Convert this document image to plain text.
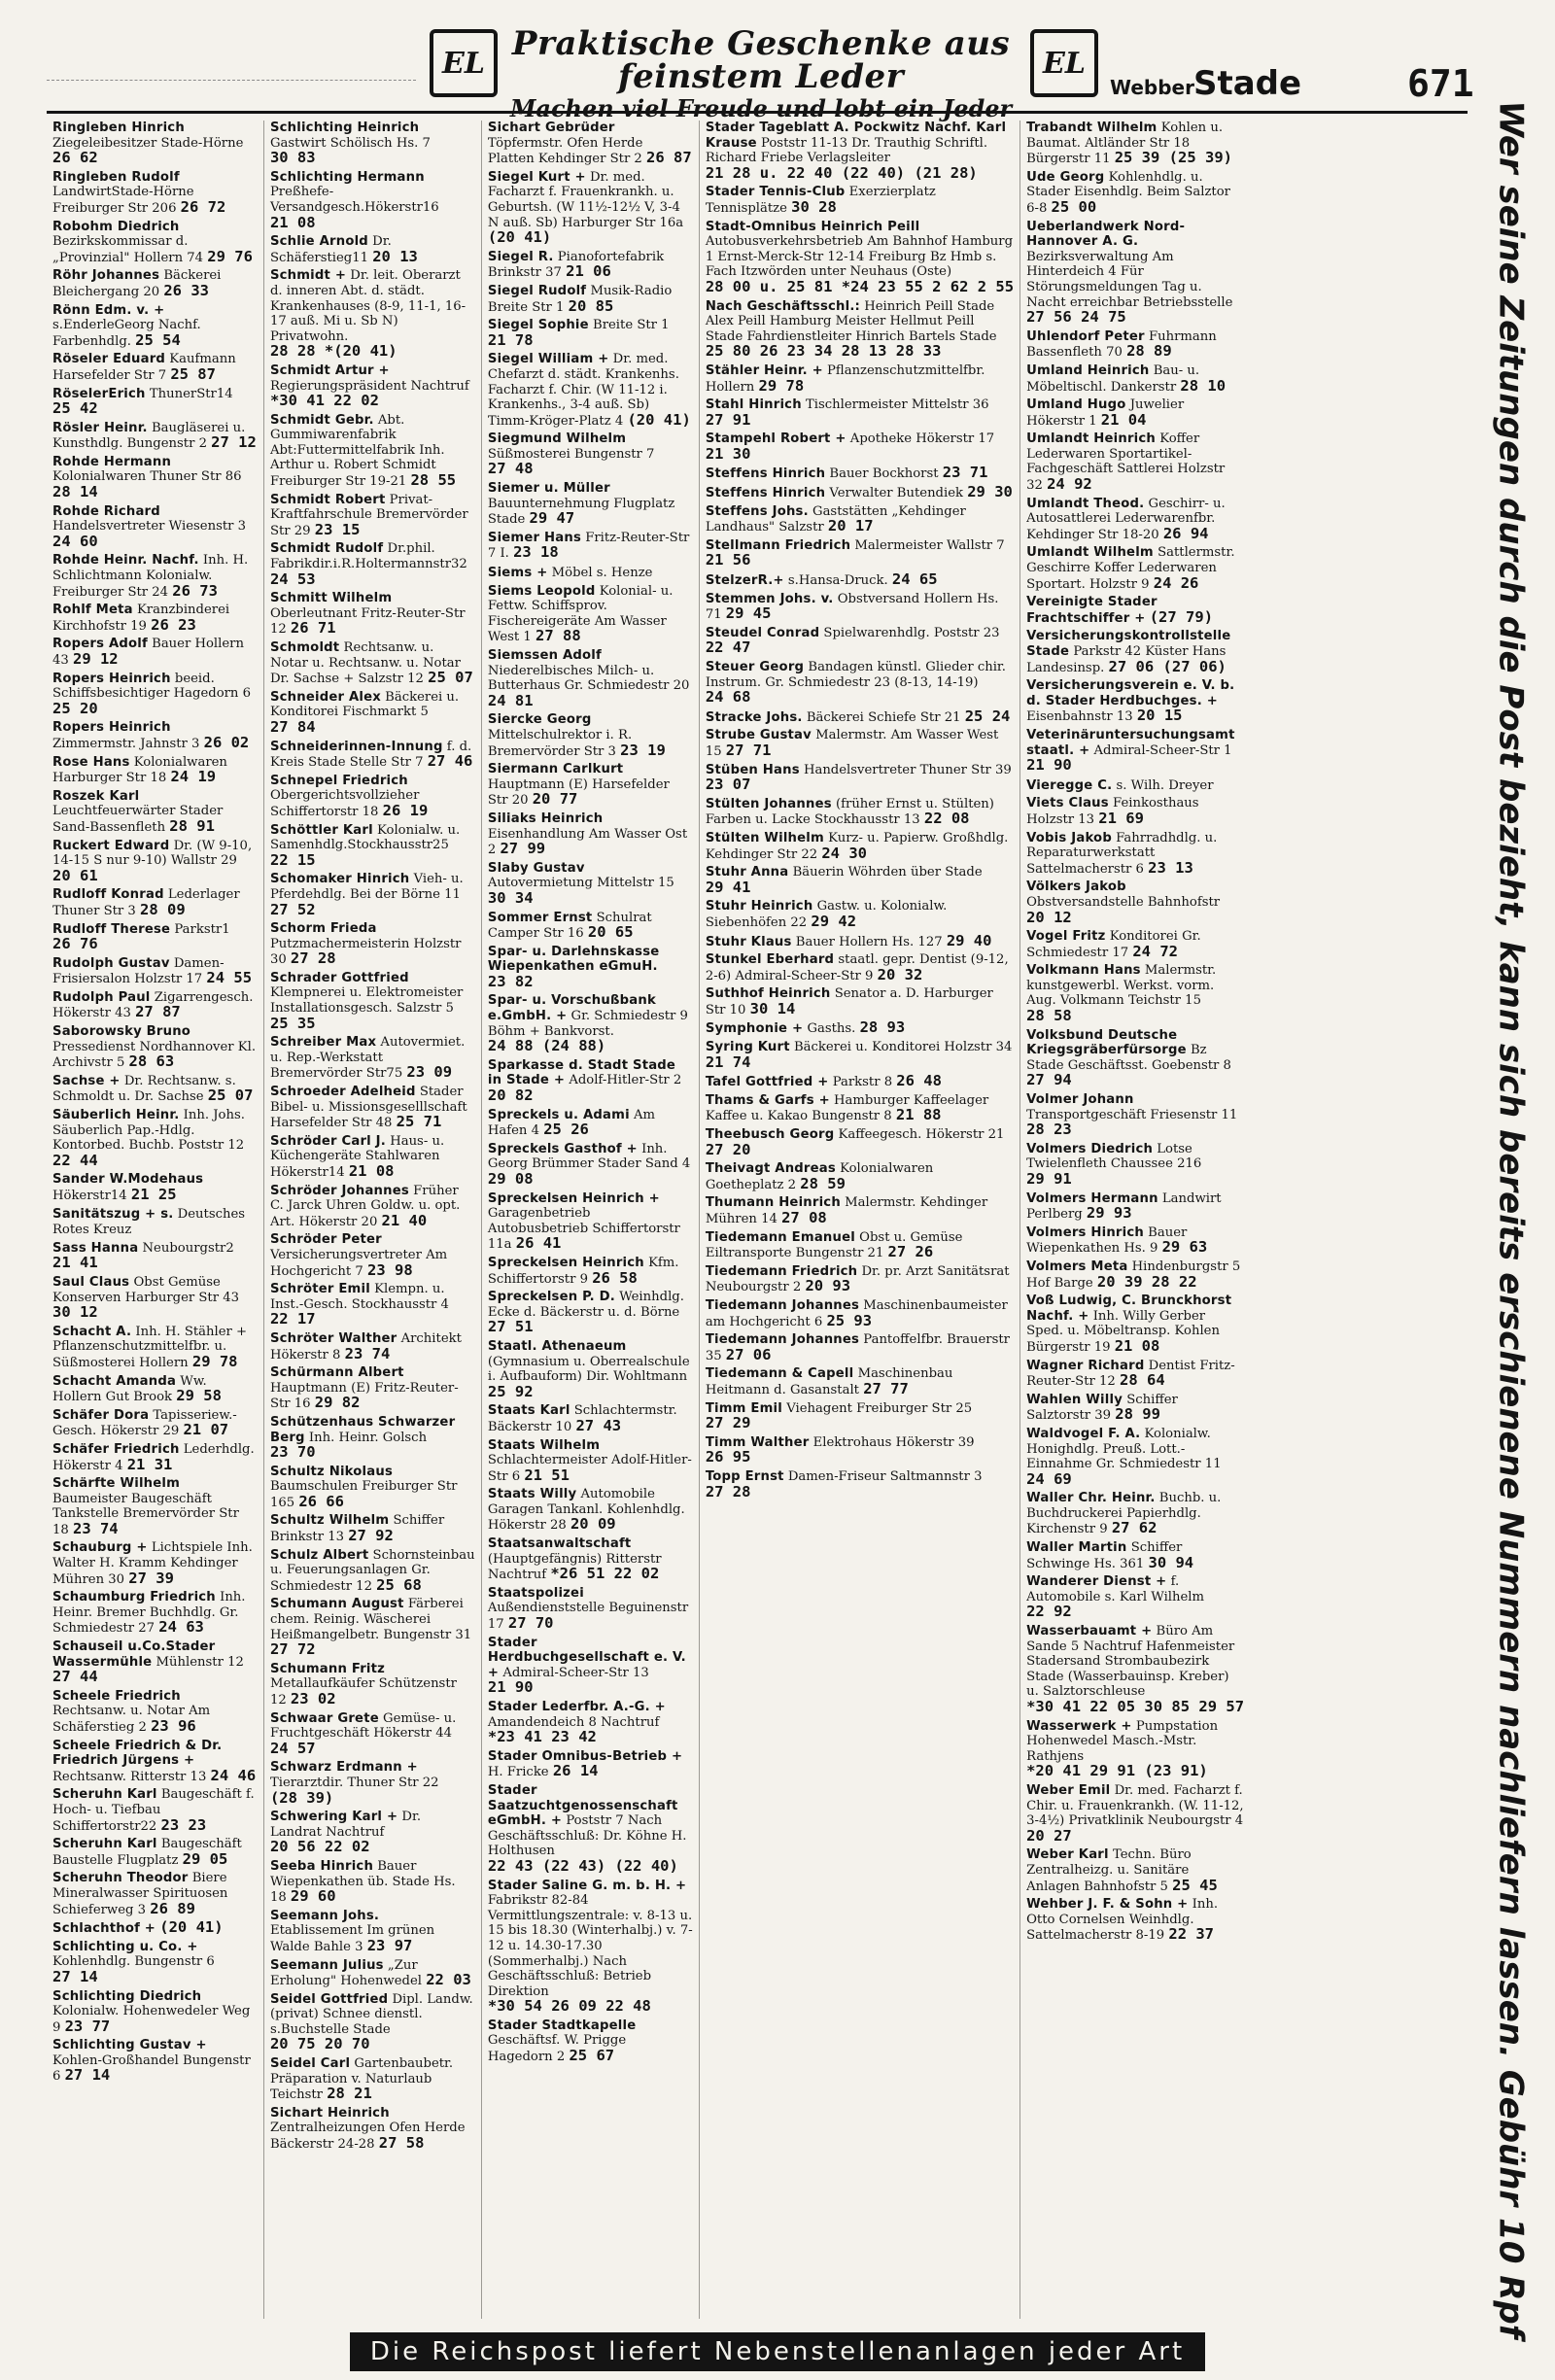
EL Praktische Geschenke aus feinstem Leder
Machen viel Freude und lobt ein Jeder
EL
Webber Stade	671
Ringleben Hinrich Ziegeleibesitzer Stade-Hörne 26 62
Ringleben Rudolf LandwirtStade-Hörne Freiburger Str 206 26 72
Robohm Diedrich Bezirkskommissar d. „Provinzial" Hollern 74 29 76
Röhr Johannes Bäckerei Bleichergang 20 26 33
Rönn Edm. v. + s.EnderleGeorg Nachf. Farbenhdlg. 25 54
Röseler Eduard Kaufmann Harsefelder Str 7 25 87
RöselerErich ThunerStr14 25 42
Rösler Heinr. Baugläserei u. Kunsthdlg. Bungenstr 2 27 12
Rohde Hermann Kolonialwaren Thuner Str 86 28 14
Rohde Richard Handelsvertreter Wiesenstr 3 24 60
Rohde Heinr. Nachf. Inh. H. Schlichtmann Kolonialw. Freiburger Str 24 26 73
Rohlf Meta Kranzbinderei Kirchhofstr 19 26 23
Ropers Adolf Bauer Hollern 43 29 12
Ropers Heinrich beeid. Schiffsbesichtiger Hagedorn 6 25 20
Ropers Heinrich Zimmermstr. Jahnstr 3 26 02
Rose Hans Kolonialwaren Harburger Str 18 24 19
Roszek Karl Leuchtfeuerwärter Stader Sand-Bassenfleth 28 91
Ruckert Edward Dr. (W 9-10, 14-15 S nur 9-10) Wallstr 29 20 61
Rudloff Konrad Lederlager Thuner Str 3 28 09
Rudloff Therese Parkstr1 26 76
Rudolph Gustav Damen-Frisiersalon Holzstr 17 24 55
Rudolph Paul Zigarrengesch. Hökerstr 43 27 87
Saborowsky Bruno Pressedienst Nordhannover Kl. Archivstr 5 28 63
Sachse + Dr. Rechtsanw. s. Schmoldt u. Dr. Sachse 25 07
Säuberlich Heinr. Inh. Johs. Säuberlich Pap.-Hdlg. Kontorbed. Buchb. Poststr 12 22 44
Sander W.Modehaus Hökerstr14 21 25
Sanitätszug + s. Deutsches Rotes Kreuz
Sass Hanna Neubourgstr2 21 41
Saul Claus Obst Gemüse Konserven Harburger Str 43 30 12
Schacht A. Inh. H. Stähler + Pflanzenschutzmittelfbr. u. Süßmosterei Hollern 29 78
Schacht Amanda Ww. Hollern Gut Brook 29 58
Schäfer Dora Tapisseriew.-Gesch. Hökerstr 29 21 07
Schäfer Friedrich Lederhdlg. Hökerstr 4 21 31
Schärfte Wilhelm Baumeister Baugeschäft Tankstelle Bremervörder Str 18 23 74
Schauburg + Lichtspiele Inh. Walter H. Kramm Kehdinger Mühren 30 27 39
Schaumburg Friedrich Inh. Heinr. Bremer Buchhdlg. Gr. Schmiedestr 27 24 63
Schauseil u.Co.Stader Wassermühle Mühlenstr 12 27 44
Scheele Friedrich Rechtsanw. u. Notar Am Schäferstieg 2 23 96
Scheele Friedrich & Dr. Friedrich Jürgens + Rechtsanw. Ritterstr 13 24 46
Scheruhn Karl Baugeschäft f. Hoch- u. Tiefbau Schiffertorstr22 23 23
Scheruhn Karl Baugeschäft Baustelle Flugplatz 29 05
Scheruhn Theodor Biere Mineralwasser Spirituosen Schieferweg 3 26 89
Schlachthof + (20 41)
Schlichting u. Co. + Kohlenhdlg. Bungenstr 6 27 14
Schlichting Diedrich Kolonialw. Hohenwedeler Weg 9 23 77
Schlichting Gustav + Kohlen-Großhandel Bungenstr 6 27 14
Schlichting Heinrich Gastwirt Schölisch Hs. 7 30 83
Schlichting Hermann Preßhefe-Versandgesch.Hökerstr16 21 08
Schlie Arnold Dr. Schäferstieg11 20 13
Schmidt + Dr. leit. Oberarzt d. inneren Abt. d. städt. Krankenhauses (8-9, 11-1, 16-17 auß. Mi u. Sb N) Privatwohn. 28 28 *(20 41)
Schmidt Artur + Regierungspräsident Nachtruf *30 41 22 02
Schmidt Gebr. Abt. Gummiwarenfabrik Abt:Futtermittelfabrik Inh. Arthur u. Robert Schmidt Freiburger Str 19-21 28 55
Schmidt Robert Privat-Kraftfahrschule Bremervörder Str 29 23 15
Schmidt Rudolf Dr.phil. Fabrikdir.i.R.Holtermannstr32 24 53
Schmitt Wilhelm Oberleutnant Fritz-Reuter-Str 12 26 71
Schmoldt Rechtsanw. u. Notar u. Rechtsanw. u. Notar Dr. Sachse + Salzstr 12 25 07
Schneider Alex Bäckerei u. Konditorei Fischmarkt 5 27 84
Schneiderinnen-Innung f. d. Kreis Stade Stelle Str 7 27 46
Schnepel Friedrich Obergerichtsvollzieher Schiffertorstr 18 26 19
Schöttler Karl Kolonialw. u. Samenhdlg.Stockhausstr25 22 15
Schomaker Hinrich Vieh- u. Pferdehdlg. Bei der Börne 11 27 52
Schorm Frieda Putzmachermeisterin Holzstr 30 27 28
Schrader Gottfried Klempnerei u. Elektromeister Installationsgesch. Salzstr 5 25 35
Schreiber Max Autovermiet. u. Rep.-Werkstatt Bremervörder Str75 23 09
Schroeder Adelheid Stader Bibel- u. Missionsgeselllschaft Harsefelder Str 48 25 71
Schröder Carl J. Haus- u. Küchengeräte Stahlwaren Hökerstr14 21 08
Schröder Johannes Früher C. Jarck Uhren Goldw. u. opt. Art. Hökerstr 20 21 40
Schröder Peter Versicherungsvertreter Am Hochgericht 7 23 98
Schröter Emil Klempn. u. Inst.-Gesch. Stockhausstr 4 22 17
Schröter Walther Architekt Hökerstr 8 23 74
Schürmann Albert Hauptmann (E) Fritz-Reuter-Str 16 29 82
Schützenhaus Schwarzer Berg Inh. Heinr. Golsch 23 70
Schultz Nikolaus Baumschulen Freiburger Str 165 26 66
Schultz Wilhelm Schiffer Brinkstr 13 27 92
Schulz Albert Schornsteinbau u. Feuerungsanlagen Gr. Schmiedestr 12 25 68
Schumann August Färberei chem. Reinig. Wäscherei Heißmangelbetr. Bungenstr 31 27 72
Schumann Fritz Metallaufkäufer Schützenstr 12 23 02
Schwaar Grete Gemüse- u. Fruchtgeschäft Hökerstr 44 24 57
Schwarz Erdmann + Tierarztdir. Thuner Str 22 (28 39)
Schwering Karl + Dr. Landrat Nachtruf 20 56 22 02
Seeba Hinrich Bauer Wiepenkathen üb. Stade Hs. 18 29 60
Seemann Johs. Etablissement Im grünen Walde Bahle 3 23 97
Seemann Julius „Zur Erholung" Hohenwedel 22 03
Seidel Gottfried Dipl. Landw. (privat) Schnee dienstl. s.Buchstelle Stade 20 75 20 70
Seidel Carl Gartenbaubetr. Präparation v. Naturlaub Teichstr 28 21
Sichart Heinrich Zentralheizungen Ofen Herde Bäckerstr 24-28 27 58
Sichart Gebrüder Töpfermstr. Ofen Herde Platten Kehdinger Str 2 26 87
Siegel Kurt + Dr. med. Facharzt f. Frauenkrankh. u. Geburtsh. (W 11½-12½ V, 3-4 N auß. Sb) Harburger Str 16a (20 41)
Siegel R. Pianofortefabrik Brinkstr 37 21 06
Siegel Rudolf Musik-Radio Breite Str 1 20 85
Siegel Sophie Breite Str 1 21 78
Siegel William + Dr. med. Chefarzt d. städt. Krankenhs. Facharzt f. Chir. (W 11-12 i. Krankenhs., 3-4 auß. Sb) Timm-Kröger-Platz 4 (20 41)
Siegmund Wilhelm Süßmosterei Bungenstr 7 27 48
Siemer u. Müller Bauunternehmung Flugplatz Stade 29 47
Siemer Hans Fritz-Reuter-Str 7 I. 23 18
Siems + Möbel s. Henze
Siems Leopold Kolonial- u. Fettw. Schiffsprov. Fischereigeräte Am Wasser West 1 27 88
Siemssen Adolf Niederelbisches Milch- u. Butterhaus Gr. Schmiedestr 20 24 81
Siercke Georg Mittelschulrektor i. R. Bremervörder Str 3 23 19
Siermann Carlkurt Hauptmann (E) Harsefelder Str 20 20 77
Siliaks Heinrich Eisenhandlung Am Wasser Ost 2 27 99
Slaby Gustav Autovermietung Mittelstr 15 30 34
Sommer Ernst Schulrat Camper Str 16 20 65
Spar- u. Darlehnskasse Wiepenkathen eGmuH. 23 82
Spar- u. Vorschußbank e.GmbH. + Gr. Schmiedestr 9 Böhm + Bankvorst. 24 88 (24 88)
Sparkasse d. Stadt Stade in Stade + Adolf-Hitler-Str 2 20 82
Spreckels u. Adami Am Hafen 4 25 26
Spreckels Gasthof + Inh. Georg Brümmer Stader Sand 4 29 08
Spreckelsen Heinrich + Garagenbetrieb Autobusbetrieb Schiffertorstr 11a 26 41
Spreckelsen Heinrich Kfm. Schiffertorstr 9 26 58
Spreckelsen P. D. Weinhdlg. Ecke d. Bäckerstr u. d. Börne 27 51
Staatl. Athenaeum (Gymnasium u. Oberrealschule i. Aufbauform) Dir. Wohltmann 25 92
Staats Karl Schlachtermstr. Bäckerstr 10 27 43
Staats Wilhelm Schlachtermeister Adolf-Hitler-Str 6 21 51
Staats Willy Automobile Garagen Tankanl. Kohlenhdlg. Hökerstr 28 20 09
Staatsanwaltschaft (Hauptgefängnis) Ritterstr Nachtruf *26 51 22 02
Staatspolizei Außendienststelle Beguinenstr 17 27 70
Stader Herdbuchgesellschaft e. V. + Admiral-Scheer-Str 13 21 90
Stader Lederfbr. A.-G. + Amandendeich 8 Nachtruf *23 41 23 42
Stader Omnibus-Betrieb + H. Fricke 26 14
Stader Saatzuchtgenossenschaft eGmbH. + Poststr 7 Nach Geschäftsschluß: Dr. Köhne H. Holthusen 22 43 (22 43) (22 40)
Stader Saline G. m. b. H. + Fabrikstr 82-84 Vermittlungszentrale: v. 8-13 u. 15 bis 18.30 (Winterhalbj.) v. 7-12 u. 14.30-17.30 (Sommerhalbj.) Nach Geschäftsschluß: Betrieb Direktion *30 54 26 09 22 48
Stader Stadtkapelle Geschäftsf. W. Prigge Hagedorn 2 25 67
Stader Tageblatt A. Pockwitz Nachf. Karl Krause Poststr 11-13 Dr. Trauthig Schriftl. Richard Friebe Verlagsleiter 21 28 u. 22 40 (22 40) (21 28)
Stader Tennis-Club Exerzierplatz Tennisplätze 30 28
Stadt-Omnibus Heinrich Peill Autobusverkehrsbetrieb Am Bahnhof Hamburg 1 Ernst-Merck-Str 12-14 Freiburg Bz Hmb s. Fach Itzwörden unter Neuhaus (Oste) 28 00 u. 25 81 *24 23 55 2 62 2 55
Nach Geschäftsschl.: Heinrich Peill Stade Alex Peill Hamburg Meister Hellmut Peill Stade Fahrdienstleiter Hinrich Bartels Stade 25 80 26 23 34 28 13 28 33
Stähler Heinr. + Pflanzenschutzmittelfbr. Hollern 29 78
Stahl Hinrich Tischlermeister Mittelstr 36 27 91
Stampehl Robert + Apotheke Hökerstr 17 21 30
Steffens Hinrich Bauer Bockhorst 23 71
Steffens Hinrich Verwalter Butendiek 29 30
Steffens Johs. Gaststätten „Kehdinger Landhaus" Salzstr 20 17
Stellmann Friedrich Malermeister Wallstr 7 21 56
StelzerR.+ s.Hansa-Druck. 24 65
Stemmen Johs. v. Obstversand Hollern Hs. 71 29 45
Steudel Conrad Spielwarenhdlg. Poststr 23 22 47
Steuer Georg Bandagen künstl. Glieder chir. Instrum. Gr. Schmiedestr 23 (8-13, 14-19) 24 68
Stracke Johs. Bäckerei Schiefe Str 21 25 24
Strube Gustav Malermstr. Am Wasser West 15 27 71
Stüben Hans Handelsvertreter Thuner Str 39 23 07
Stülten Johannes (früher Ernst u. Stülten) Farben u. Lacke Stockhausstr 13 22 08
Stülten Wilhelm Kurz- u. Papierw. Großhdlg. Kehdinger Str 22 24 30
Stuhr Anna Bäuerin Wöhrden über Stade 29 41
Stuhr Heinrich Gastw. u. Kolonialw. Siebenhöfen 22 29 42
Stuhr Klaus Bauer Hollern Hs. 127 29 40
Stunkel Eberhard staatl. gepr. Dentist (9-12, 2-6) Admiral-Scheer-Str 9 20 32
Suthhof Heinrich Senator a. D. Harburger Str 10 30 14
Symphonie + Gasths. 28 93
Syring Kurt Bäckerei u. Konditorei Holzstr 34 21 74
Tafel Gottfried + Parkstr 8 26 48
Thams & Garfs + Hamburger Kaffeelager Kaffee u. Kakao Bungenstr 8 21 88
Theebusch Georg Kaffeegesch. Hökerstr 21 27 20
Theivagt Andreas Kolonialwaren Goetheplatz 2 28 59
Thumann Heinrich Malermstr. Kehdinger Mühren 14 27 08
Tiedemann Emanuel Obst u. Gemüse Eiltransporte Bungenstr 21 27 26
Tiedemann Friedrich Dr. pr. Arzt Sanitätsrat Neubourgstr 2 20 93
Tiedemann Johannes Maschinenbaumeister am Hochgericht 6 25 93
Tiedemann Johannes Pantoffelfbr. Brauerstr 35 27 06
Tiedemann & Capell Maschinenbau Heitmann d. Gasanstalt 27 77
Timm Emil Viehagent Freiburger Str 25 27 29
Timm Walther Elektrohaus Hökerstr 39 26 95
Topp Ernst Damen-Friseur Saltmannstr 3 27 28
Trabandt Wilhelm Kohlen u. Baumat. Altländer Str 18 Bürgerstr 11 25 39 (25 39)
Ude Georg Kohlenhdlg. u. Stader Eisenhdlg. Beim Salztor 6-8 25 00
Ueberlandwerk Nord-Hannover A. G. Bezirksverwaltung Am Hinterdeich 4 Für Störungsmeldungen Tag u. Nacht erreichbar Betriebsstelle 27 56 24 75
Uhlendorf Peter Fuhrmann Bassenfleth 70 28 89
Umland Heinrich Bau- u. Möbeltischl. Dankerstr 28 10
Umland Hugo Juwelier Hökerstr 1 21 04
Umlandt Heinrich Koffer Lederwaren Sportartikel-Fachgeschäft Sattlerei Holzstr 32 24 92
Umlandt Theod. Geschirr- u. Autosattlerei Lederwarenfbr. Kehdinger Str 18-20 26 94
Umlandt Wilhelm Sattlermstr. Geschirre Koffer Lederwaren Sportart. Holzstr 9 24 26
Vereinigte Stader Frachtschiffer + (27 79)
Versicherungskontrollstelle Stade Parkstr 42 Küster Hans Landesinsp. 27 06 (27 06)
Versicherungsverein e. V. b. d. Stader Herdbuchges. + Eisenbahnstr 13 20 15
Veterinäruntersuchungsamt staatl. + Admiral-Scheer-Str 1 21 90
Vieregge C. s. Wilh. Dreyer
Viets Claus Feinkosthaus Holzstr 13 21 69
Vobis Jakob Fahrradhdlg. u. Reparaturwerkstatt Sattelmacherstr 6 23 13
Völkers Jakob Obstversandstelle Bahnhofstr 20 12
Vogel Fritz Konditorei Gr. Schmiedestr 17 24 72
Volkmann Hans Malermstr. kunstgewerbl. Werkst. vorm. Aug. Volkmann Teichstr 15 28 58
Volksbund Deutsche Kriegsgräberfürsorge Bz Stade Geschäftsst. Goebenstr 8 27 94
Volmer Johann Transportgeschäft Friesenstr 11 28 23
Volmers Diedrich Lotse Twielenfleth Chaussee 216 29 91
Volmers Hermann Landwirt Perlberg 29 93
Volmers Hinrich Bauer Wiepenkathen Hs. 9 29 63
Volmers Meta Hindenburgstr 5 Hof Barge 20 39 28 22
Voß Ludwig, C. Brunckhorst Nachf. + Inh. Willy Gerber Sped. u. Möbeltransp. Kohlen Bürgerstr 19 21 08
Wagner Richard Dentist Fritz-Reuter-Str 12 28 64
Wahlen Willy Schiffer Salztorstr 39 28 99
Waldvogel F. A. Kolonialw. Honighdlg. Preuß. Lott.-Einnahme Gr. Schmiedestr 11 24 69
Waller Chr. Heinr. Buchb. u. Buchdruckerei Papierhdlg. Kirchenstr 9 27 62
Waller Martin Schiffer Schwinge Hs. 361 30 94
Wanderer Dienst + f. Automobile s. Karl Wilhelm 22 92
Wasserbauamt + Büro Am Sande 5 Nachtruf Hafenmeister Stadersand Strombaubezirk Stade (Wasserbauinsp. Kreber) u. Salztorschleuse *30 41 22 05 30 85 29 57
Wasserwerk + Pumpstation Hohenwedel Masch.-Mstr. Rathjens *20 41 29 91 (23 91)
Weber Emil Dr. med. Facharzt f. Chir. u. Frauenkrankh. (W. 11-12, 3-4½) Privatklinik Neubourgstr 4 20 27
Weber Karl Techn. Büro Zentralheizg. u. Sanitäre Anlagen Bahnhofstr 5 25 45
Wehber J. F. & Sohn + Inh. Otto Cornelsen Weinhdlg. Sattelmacherstr 8-19 22 37	Wer seine Zeitungen durch die Post bezieht, kann sich bereits erschienene Nummern nachliefern lassen. Gebühr 10 Rpf
Die Reichspost liefert Nebenstellenanlagen jeder Art
